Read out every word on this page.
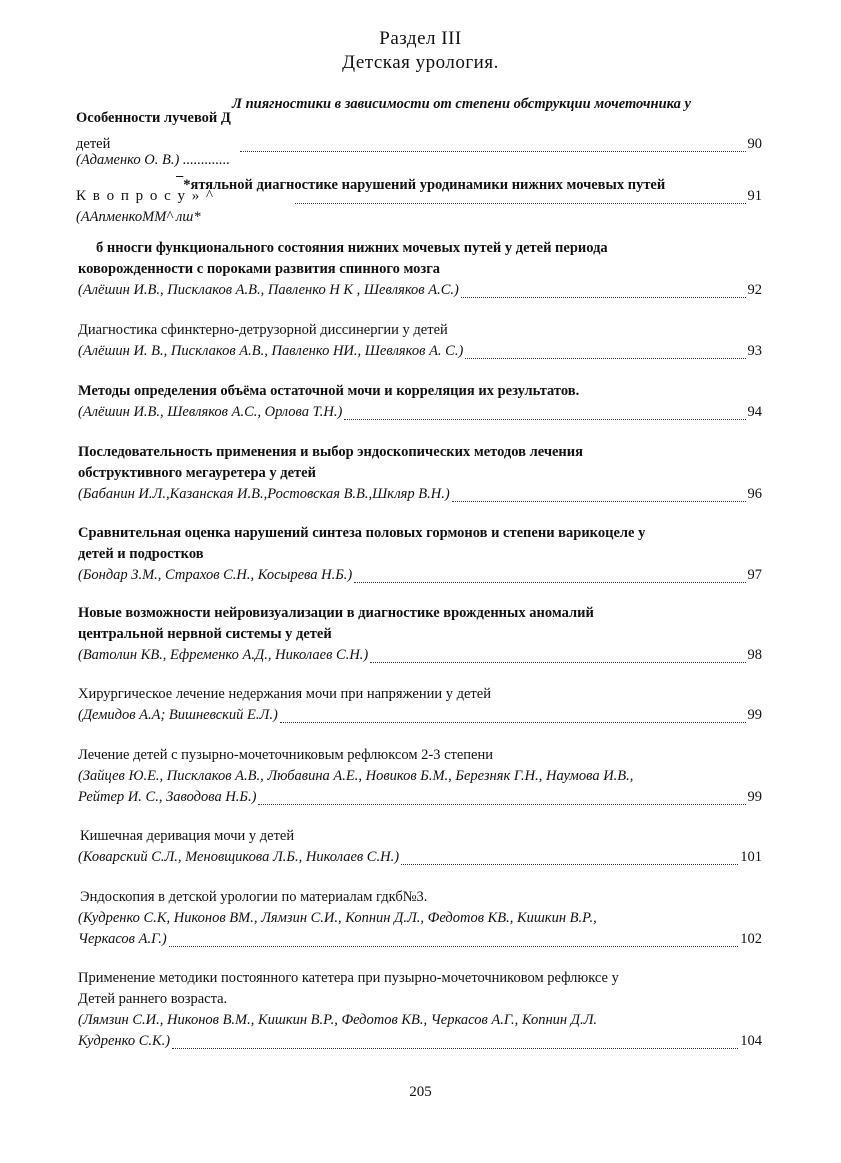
Раздел III
Детская урология.
Л пиягностики в зависимости от степени обструкции мочеточника у
Особенности лучевой Д
детей	90
(Адаменко О. В.) .............
*ятяльной диагностике нарушений уродинамики нижних мочевых путей
К в о п р о с у » ^	91
(ААпменкоММ^ лш*
б нносги функционального состояния нижних мочевых путей у детей периода
коворожденности с пороками развития спинного мозга
(Алёшин И.В., Писклаков А.В., Павленко Н К , Шевляков А.С.)	92
Диагностика сфинктерно-детрузорной диссинергии у детей
(Алёшин И. В., Писклаков А.В., Павленко НИ., Шевляков А. С.)	93
Методы определения объёма остаточной мочи и корреляция их результатов.
(Алёшин И.В., Шевляков А.С., Орлова Т.Н.)	94
Последовательность применения и выбор эндоскопических методов лечения
обструктивного мегауретера у детей
(Бабанин И.Л.,Казанская И.В.,Ростовская В.В.,Шкляр В.Н.)	96
Сравнительная оценка нарушений синтеза половых гормонов и степени варикоцеле у
детей и подростков
(Бондар З.М., Страхов С.Н., Косырева Н.Б.)	97
Новые возможности нейровизуализации в диагностике врожденных аномалий
центральной нервной системы у детей
(Ватолин КВ., Ефременко А.Д., Николаев С.Н.)	98
Хирургическое лечение недержания мочи при напряжении у детей
(Демидов А.А; Вишневский Е.Л.)	99
Лечение детей с пузырно-мочеточниковым рефлюксом 2-3 степени
(Зайцев Ю.Е., Писклаков А.В., Любавина А.Е., Новиков Б.М., Березняк Г.Н., Наумова И.В.,
Рейтер И. С., Заводова Н.Б.)	99
Кишечная деривация мочи у детей
(Коварский С.Л., Меновщикова Л.Б., Николаев С.Н.)	101
Эндоскопия в детской урологии по материалам гдкб№3.
(Кудренко С.К, Никонов ВМ., Лямзин С.И., Копнин Д.Л., Федотов КВ., Кишкин В.Р.,
Черкасов А.Г.)	102
Применение методики постоянного катетера при пузырно-мочеточниковом рефлюксе у
Детей раннего возраста.
(Лямзин С.И., Никонов В.М., Кишкин В.Р., Федотов КВ., Черкасов А.Г., Копнин Д.Л.
Кудренко С.К.)	104
205
